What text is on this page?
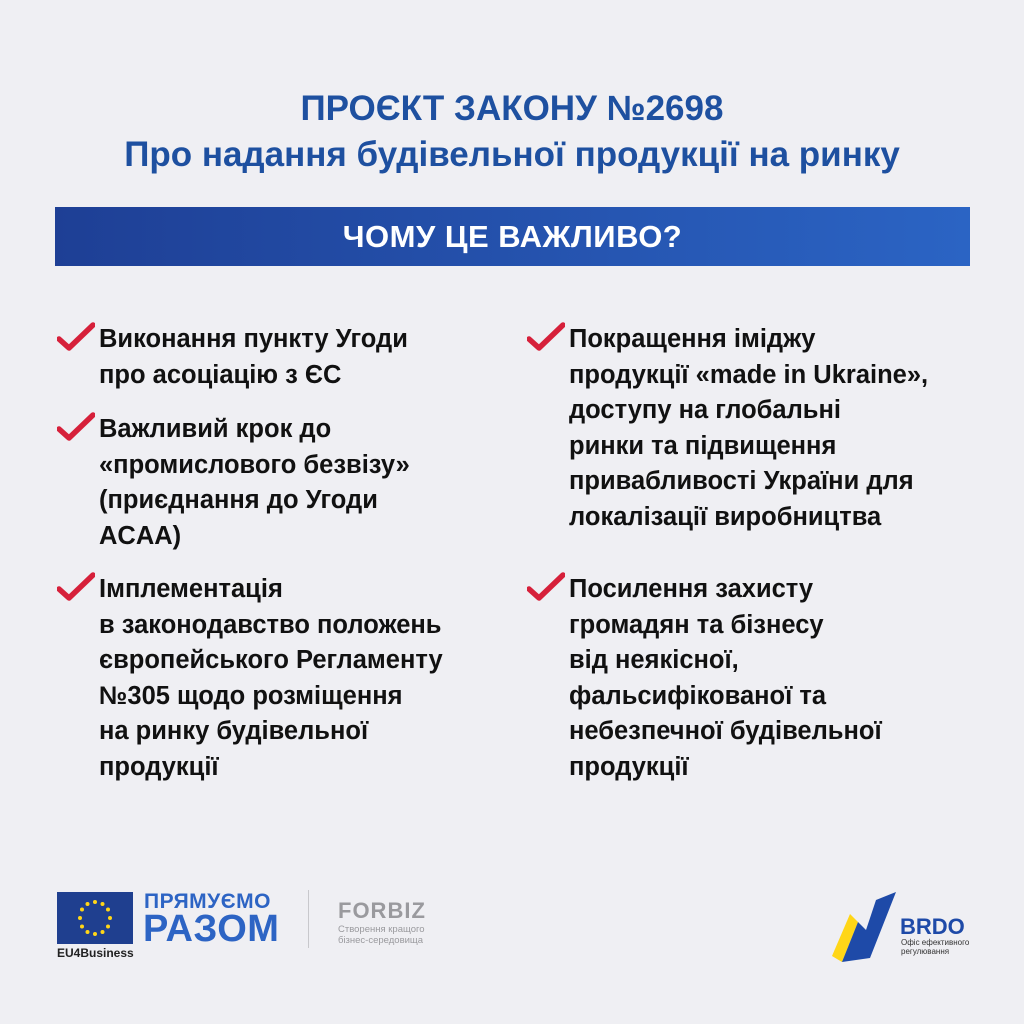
ПРОЄКТ ЗАКОНУ №2698
Про надання будівельної продукції на ринку
ЧОМУ ЦЕ ВАЖЛИВО?
Виконання пункту Угоди
про асоціацію з ЄС
Важливий крок до
«промислового безвізу»
(приєднання до Угоди
ACAA)
Імплементація
в законодавство положень
європейського Регламенту
№305 щодо розміщення
на ринку будівельної
продукції
Покращення іміджу
продукції «made in Ukraine»,
доступу на глобальні
ринки та підвищення
привабливості України для
локалізації виробництва
Посилення захисту
громадян та бізнесу
від неякісної,
фальсифікованої та
небезпечної будівельної
продукції
EU4Business
ПРЯМУЄМО
РАЗОМ	FORBIZ
Створення кращого
бізнес-середовища
BRDO
Офіс ефективного
регулювання
